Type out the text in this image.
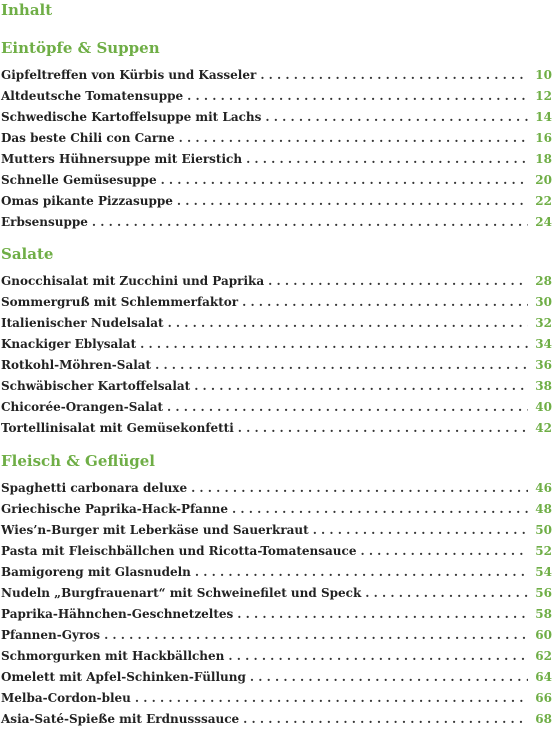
Inhalt
Eintöpfe & Suppen
Gipfeltreffen von Kürbis und Kasseler . . .	10
Altdeutsche Tomatensuppe . . .	12
Schwedische Kartoffelsuppe mit Lachs . . .	14
Das beste Chili con Carne . . .	16
Mutters Hühnersuppe mit Eierstich . . .	18
Schnelle Gemüsesuppe . . .	20
Omas pikante Pizzasuppe . . .	22
Erbsensuppe . . .	24
Salate
Gnocchisalat mit Zucchini und Paprika . . .	28
Sommergruß mit Schlemmerfaktor . . .	30
Italienischer Nudelsalat . . .	32
Knackiger Eblysalat . . .	34
Rotkohl-Möhren-Salat . . .	36
Schwäbischer Kartoffelsalat . . .	38
Chicorée-Orangen-Salat . . .	40
Tortellinisalat mit Gemüsekonfetti . . .	42
Fleisch & Geflügel
Spaghetti carbonara deluxe . . .	46
Griechische Paprika-Hack-Pfanne . . .	48
Wies’n-Burger mit Leberkäse und Sauerkraut . . .	50
Pasta mit Fleischbällchen und Ricotta-Tomatensauce . . .	52
Bamigoreng mit Glasnudeln . . .	54
Nudeln „Burgfrauenart“ mit Schweinefilet und Speck . . .	56
Paprika-Hähnchen-Geschnetzeltes . . .	58
Pfannen-Gyros . . .	60
Schmorgurken mit Hackbällchen . . .	62
Omelett mit Apfel-Schinken-Füllung . . .	64
Melba-Cordon-bleu . . .	66
Asia-Saté-Spieße mit Erdnusssauce . . .	68
